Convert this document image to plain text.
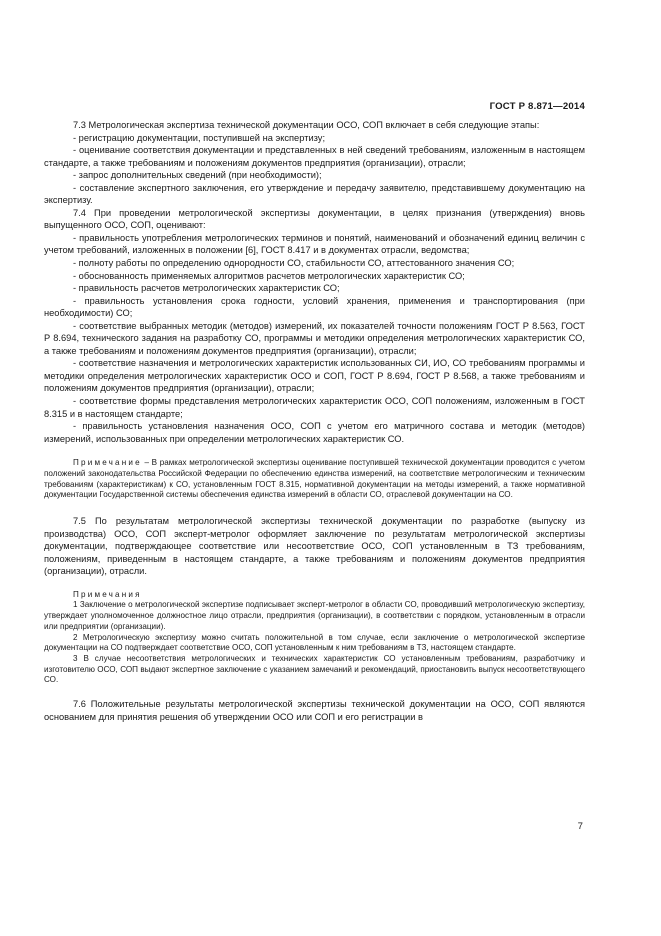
ГОСТ Р 8.871—2014

7.3 Метрологическая экспертиза технической документации ОСО, СОП включает в себя следующие этапы:

- регистрацию документации, поступившей на экспертизу;

- оценивание соответствия документации и представленных в ней сведений требованиям, изложенным в настоящем стандарте, а также требованиям и положениям документов предприятия (организации), отрасли;

- запрос дополнительных сведений (при необходимости);

- составление экспертного заключения, его утверждение и передачу заявителю, представившему документацию на экспертизу.

7.4 При проведении метрологической экспертизы документации, в целях признания (утверждения) вновь выпущенного ОСО, СОП, оценивают:

- правильность употребления метрологических терминов и понятий, наименований и обозначений единиц величин с учетом требований, изложенных в положении [6], ГОСТ 8.417 и в документах отрасли, ведомства;

- полноту работы по определению однородности СО, стабильности СО, аттестованного значения СО;

- обоснованность применяемых алгоритмов расчетов метрологических характеристик СО;

- правильность расчетов метрологических характеристик СО;

- правильность установления срока годности, условий хранения, применения и транспортирования (при необходимости) СО;

- соответствие выбранных методик (методов) измерений, их показателей точности положениям ГОСТ Р 8.563, ГОСТ Р 8.694, технического задания на разработку СО, программы и методики определения метрологических характеристик СО, а также требованиям и положениям документов предприятия (организации), отрасли;

- соответствие назначения и метрологических характеристик использованных СИ, ИО, СО требованиям программы и методики определения метрологических характеристик ОСО и СОП, ГОСТ Р 8.694, ГОСТ Р 8.568, а также требованиям и положениям документов предприятия (организации), отрасли;

- соответствие формы представления метрологических характеристик ОСО, СОП положениям, изложенным в ГОСТ 8.315 и в настоящем стандарте;

- правильность установления назначения ОСО, СОП с учетом его матричного состава и методик (методов) измерений, использованных при определении метрологических характеристик СО.

Примечание – В рамках метрологической экспертизы оценивание поступившей технической документации проводится с учетом положений законодательства Российской Федерации по обеспечению единства измерений, на соответствие метрологическим и техническим требованиям (характеристикам) к СО, установленным ГОСТ 8.315, нормативной документации на методы измерений, а также нормативной документации Государственной системы обеспечения единства измерений в области СО, отраслевой документации на СО.

7.5 По результатам метрологической экспертизы технической документации по разработке (выпуску из производства) ОСО, СОП эксперт-метролог оформляет заключение по результатам метрологической экспертизы документации, подтверждающее соответствие или несоответствие ОСО, СОП установленным в ТЗ требованиям, положениям, приведенным в настоящем стандарте, а также требованиям и положениям документов предприятия (организации), отрасли.

Примечания

1 Заключение о метрологической экспертизе подписывает эксперт-метролог в области СО, проводивший метрологическую экспертизу, утверждает уполномоченное должностное лицо отрасли, предприятия (организации), в соответствии с порядком, установленным в отрасли или предприятии (организации).

2 Метрологическую экспертизу можно считать положительной в том случае, если заключение о метрологической экспертизе документации на СО подтверждает соответствие ОСО, СОП установленным к ним требованиям в ТЗ, настоящем стандарте.

3 В случае несоответствия метрологических и технических характеристик СО установленным требованиям, разработчику и изготовителю ОСО, СОП выдают экспертное заключение с указанием замечаний и рекомендаций, приостановить выпуск несоответствующего СО.

7.6 Положительные результаты метрологической экспертизы технической документации на ОСО, СОП являются основанием для принятия решения об утверждении ОСО или СОП и его регистрации в

7
